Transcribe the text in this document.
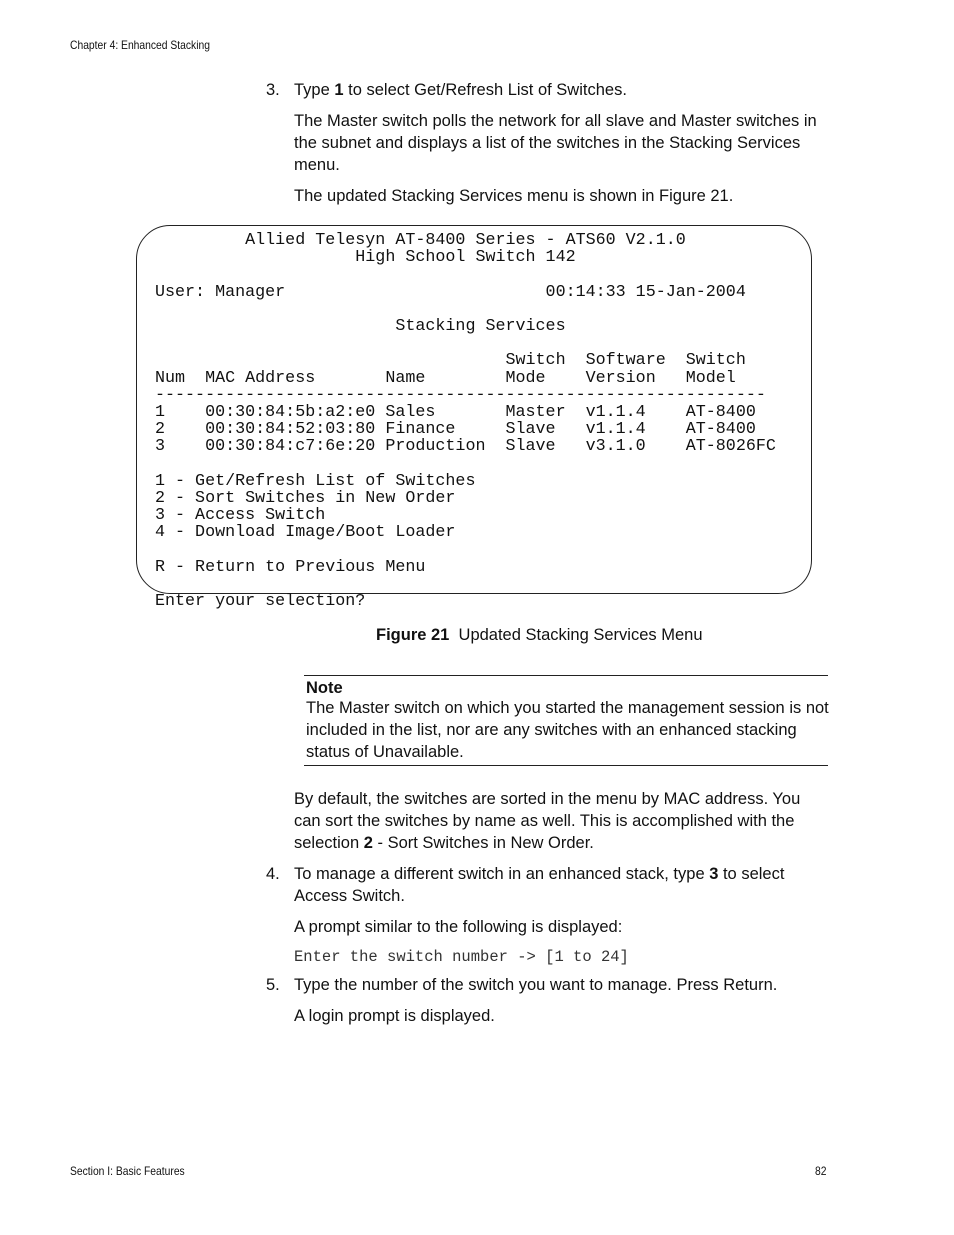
Chapter 4: Enhanced Stacking
3. Type 1 to select Get/Refresh List of Switches.
The Master switch polls the network for all slave and Master switches in the subnet and displays a list of the switches in the Stacking Services menu.
The updated Stacking Services menu is shown in Figure 21.
Allied Telesyn AT-8400 Series - ATS60 V2.1.0
High School Switch 142

User: Manager                          00:14:33 15-Jan-2004

Stacking Services

Switch  Software  Switch
Num  MAC Address       Name        Mode    Version   Model
-------------------------------------------------------------
1    00:30:84:5b:a2:e0 Sales       Master  v1.1.4    AT-8400
2    00:30:84:52:03:80 Finance     Slave   v1.1.4    AT-8400
3    00:30:84:c7:6e:20 Production  Slave   v3.1.0    AT-8026FC

1 - Get/Refresh List of Switches
2 - Sort Switches in New Order
3 - Access Switch
4 - Download Image/Boot Loader

R - Return to Previous Menu

Enter your selection?
Figure 21 Updated Stacking Services Menu
Note
The Master switch on which you started the management session is not included in the list, nor are any switches with an enhanced stacking status of Unavailable.
By default, the switches are sorted in the menu by MAC address. You can sort the switches by name as well. This is accomplished with the selection 2 - Sort Switches in New Order.
4. To manage a different switch in an enhanced stack, type 3 to select Access Switch.
A prompt similar to the following is displayed:
Enter the switch number -> [1 to 24]
5. Type the number of the switch you want to manage. Press Return.
A login prompt is displayed.
Section I: Basic Features	82
